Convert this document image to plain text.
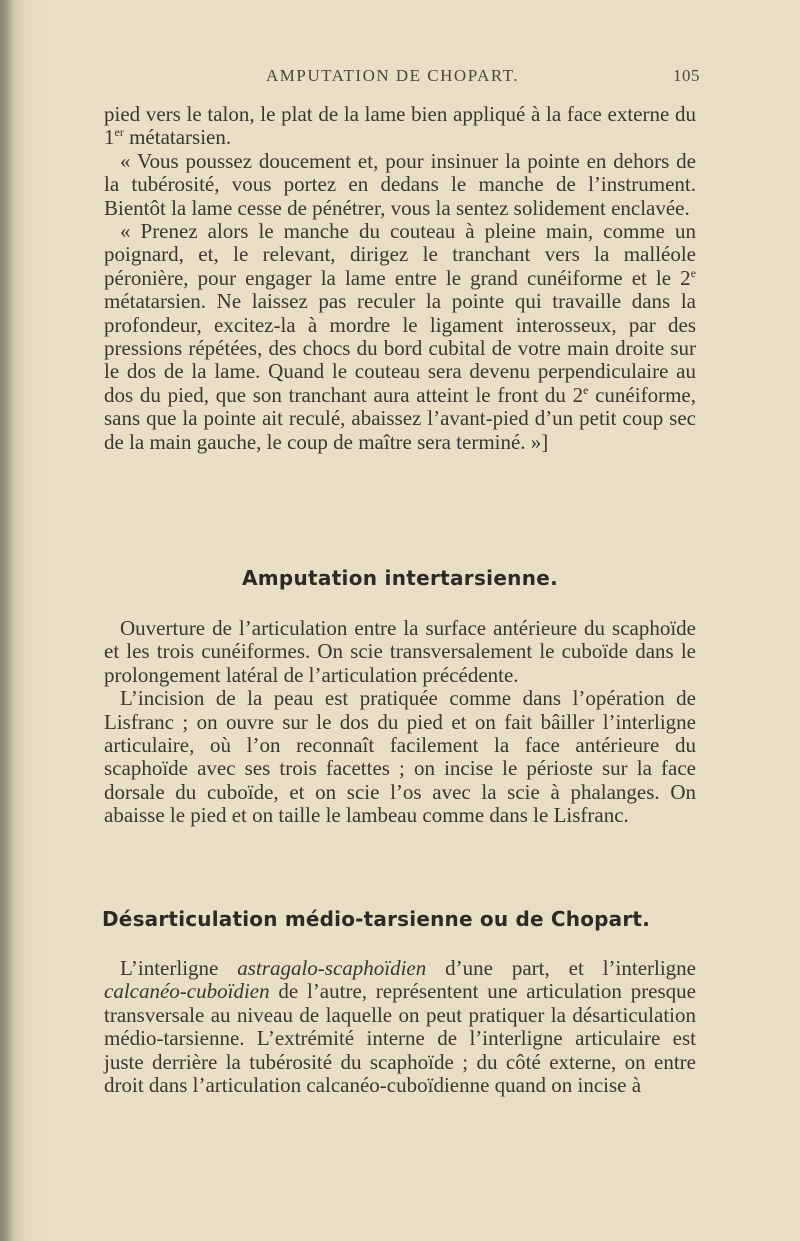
AMPUTATION DE CHOPART.	105

pied vers le talon, le plat de la lame bien appliqué à la face externe du 1er métatarsien.

« Vous poussez doucement et, pour insinuer la pointe en dehors de la tubérosité, vous portez en dedans le manche de l’instrument. Bientôt la lame cesse de pénétrer, vous la sentez solidement enclavée.

« Prenez alors le manche du couteau à pleine main, comme un poignard, et, le relevant, dirigez le tranchant vers la malléole péronière, pour engager la lame entre le grand cunéiforme et le 2e métatarsien. Ne laissez pas reculer la pointe qui travaille dans la profondeur, excitez-la à mordre le ligament interosseux, par des pressions répétées, des chocs du bord cubital de votre main droite sur le dos de la lame. Quand le couteau sera devenu perpendiculaire au dos du pied, que son tranchant aura atteint le front du 2e cunéiforme, sans que la pointe ait reculé, abaissez l’avant-pied d’un petit coup sec de la main gauche, le coup de maître sera terminé. »]

Amputation intertarsienne.

Ouverture de l’articulation entre la surface antérieure du scaphoïde et les trois cunéiformes. On scie transversalement le cuboïde dans le prolongement latéral de l’articulation précédente.

L’incision de la peau est pratiquée comme dans l’opération de Lisfranc ; on ouvre sur le dos du pied et on fait bâiller l’interligne articulaire, où l’on reconnaît facilement la face antérieure du scaphoïde avec ses trois facettes ; on incise le périoste sur la face dorsale du cuboïde, et on scie l’os avec la scie à phalanges. On abaisse le pied et on taille le lambeau comme dans le Lisfranc.

Désarticulation médio-tarsienne ou de Chopart.

L’interligne astragalo-scaphoïdien d’une part, et l’interligne calcanéo-cuboïdien de l’autre, représentent une articulation presque transversale au niveau de laquelle on peut pratiquer la désarticulation médio-tarsienne. L’extrémité interne de l’interligne articulaire est juste derrière la tubérosité du scaphoïde ; du côté externe, on entre droit dans l’articulation calcanéo-cuboïdienne quand on incise à
